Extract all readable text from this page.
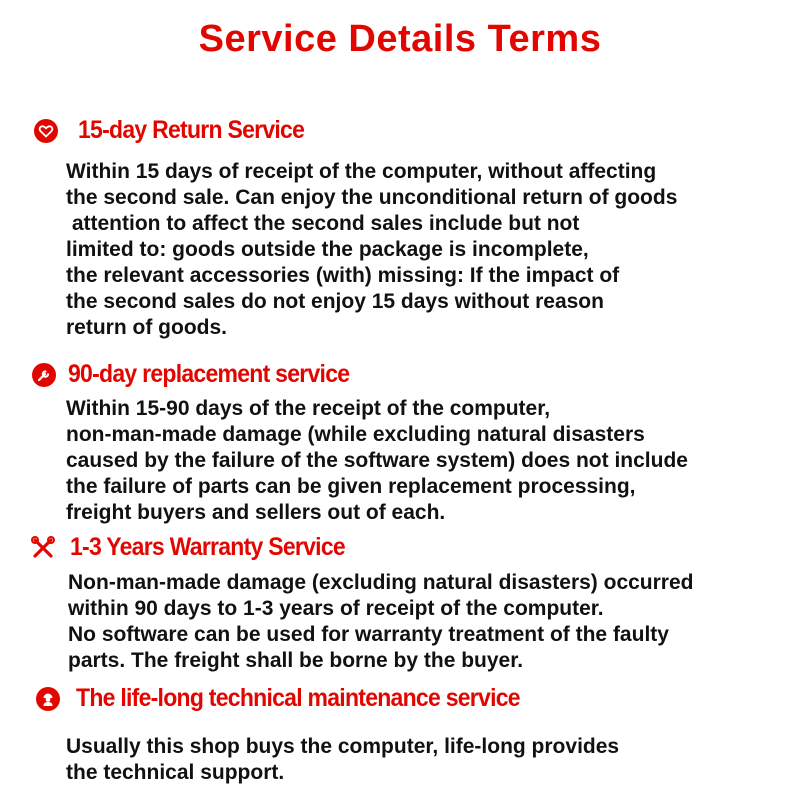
Service Details Terms
15-day Return Service
Within 15 days of receipt of the computer, without affecting
the second sale. Can enjoy the unconditional return of goods
attention to affect the second sales include but not
limited to: goods outside the package is incomplete,
the relevant accessories (with) missing: If the impact of
the second sales do not enjoy 15 days without reason
return of goods.
90-day replacement service
Within 15-90 days of the receipt of the computer,
non-man-made damage (while excluding natural disasters
caused by the failure of the software system) does not include
the failure of parts can be given replacement processing,
freight buyers and sellers out of each.
1-3 Years Warranty Service
Non-man-made damage (excluding natural disasters) occurred
within 90 days to 1-3 years of receipt of the computer.
No software can be used for warranty treatment of the faulty
parts. The freight shall be borne by the buyer.
The life-long technical maintenance service
Usually this shop buys the computer, life-long provides
the technical support.
